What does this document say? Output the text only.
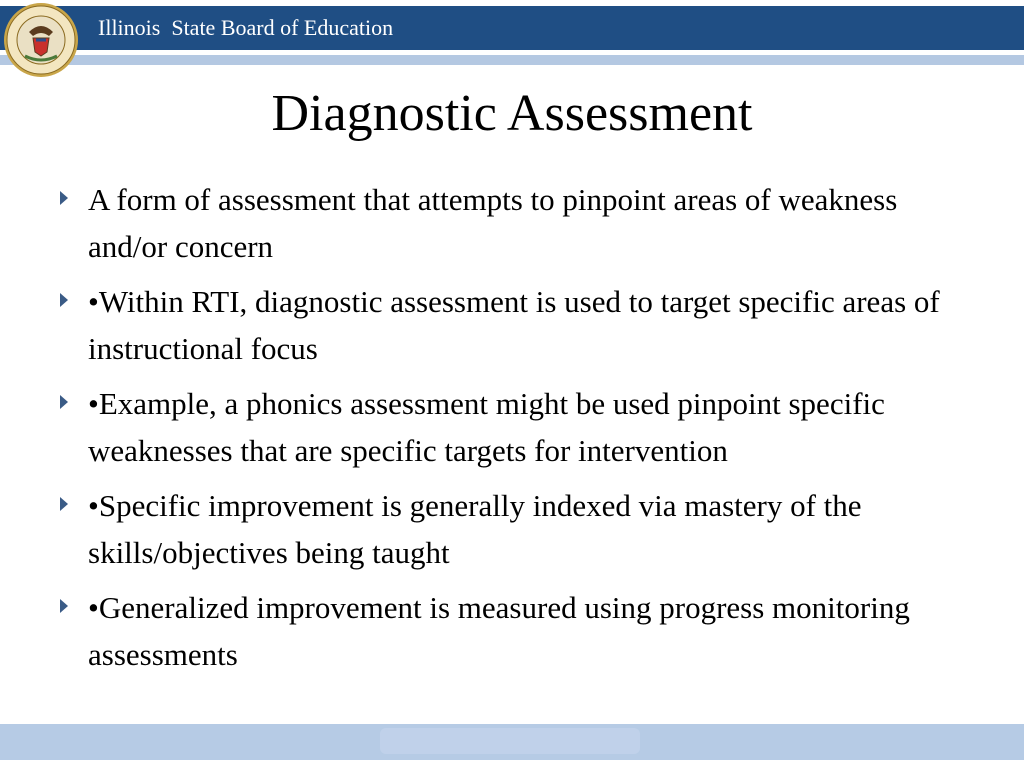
Illinois  State Board of Education
Diagnostic Assessment
A form of assessment that attempts to pinpoint areas of weakness and/or concern
•Within RTI, diagnostic assessment is used to target specific areas of instructional focus
•Example, a phonics assessment might be used pinpoint specific weaknesses that are specific targets for intervention
•Specific improvement is generally indexed via mastery of the skills/objectives being taught
•Generalized improvement is measured using progress monitoring assessments
